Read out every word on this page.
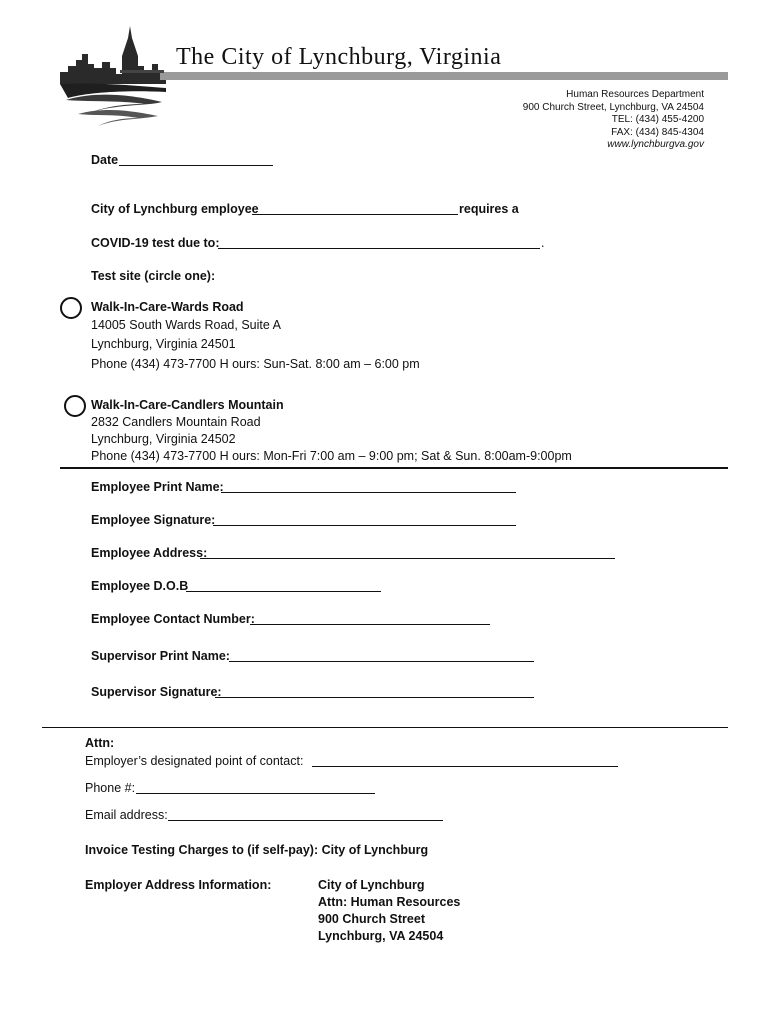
The City of Lynchburg, Virginia
Human Resources Department
900 Church Street, Lynchburg, VA 24504
TEL: (434) 455-4200
FAX: (434) 845-4304
www.lynchburgva.gov
Date
City of Lynchburg employee	requires a
COVID-19 test due to:	.
Test site (circle one):
Walk-In-Care-Wards Road
14005 South Wards Road, Suite A
Lynchburg, Virginia 24501
Phone (434) 473-7700 H ours: Sun-Sat. 8:00 am – 6:00 pm
Walk-In-Care-Candlers Mountain
2832 Candlers Mountain Road
Lynchburg, Virginia 24502
Phone (434) 473-7700 H ours: Mon-Fri 7:00 am – 9:00 pm; Sat & Sun. 8:00am-9:00pm
Employee Print Name:
Employee Signature:
Employee Address:
Employee D.O.B
Employee Contact Number:
Supervisor Print Name:
Supervisor Signature:
Attn:
Employer’s designated point of contact:
Phone #:
Email address:
Invoice Testing Charges to (if self-pay): City of Lynchburg
Employer Address Information:	City of Lynchburg
Attn: Human Resources
900 Church Street
Lynchburg, VA 24504
